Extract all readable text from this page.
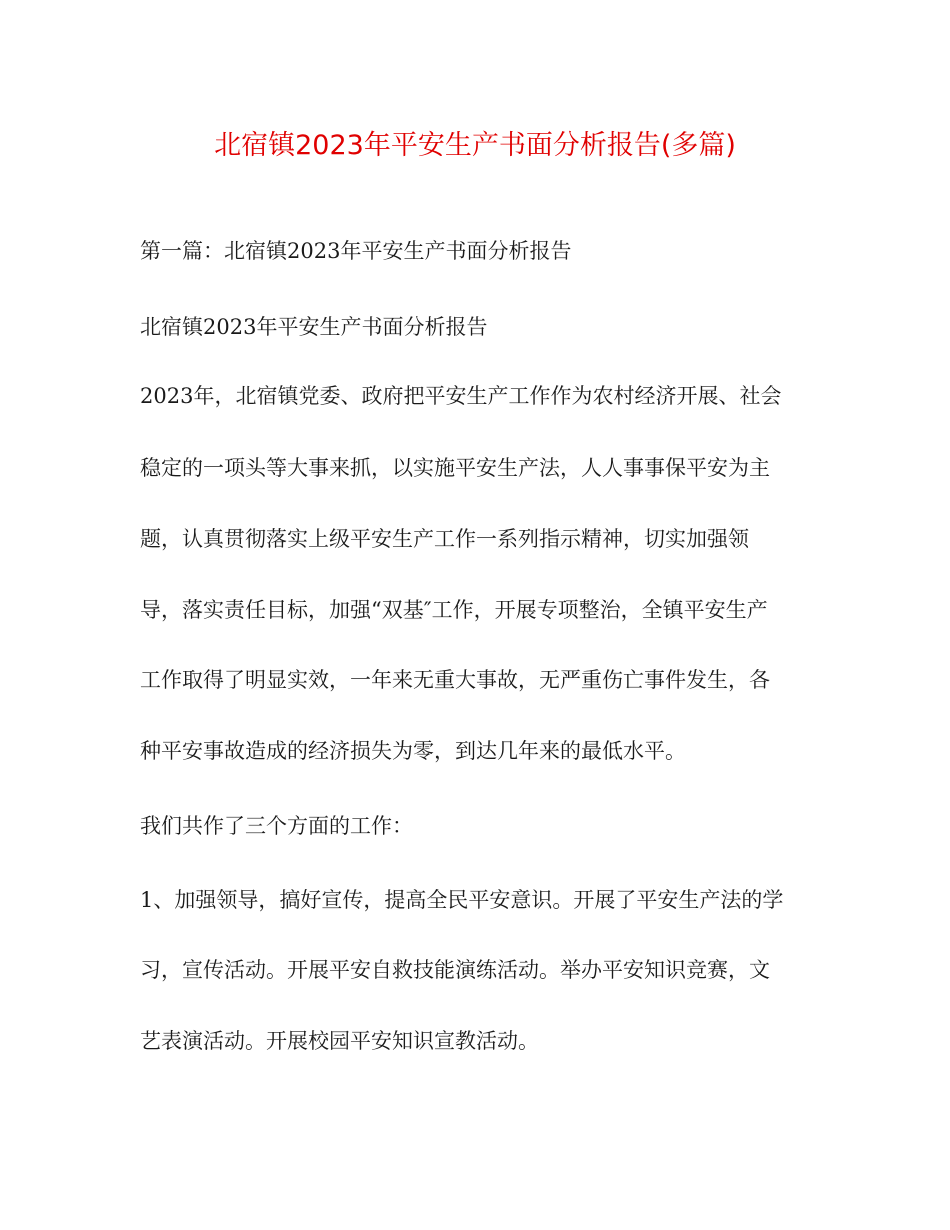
北宿镇2023年平安生产书面分析报告(多篇)

第一篇：北宿镇2023年平安生产书面分析报告

北宿镇2023年平安生产书面分析报告

2023年，北宿镇党委、政府把平安生产工作作为农村经济开展、社会

稳定的一项头等大事来抓，以实施平安生产法，人人事事保平安为主

题，认真贯彻落实上级平安生产工作一系列指示精神，切实加强领

导，落实责任目标，加强“双基″工作，开展专项整治，全镇平安生产

工作取得了明显实效，一年来无重大事故，无严重伤亡事件发生，各

种平安事故造成的经济损失为零，到达几年来的最低水平。

我们共作了三个方面的工作：

1、加强领导，搞好宣传，提高全民平安意识。开展了平安生产法的学

习，宣传活动。开展平安自救技能演练活动。举办平安知识竞赛，文

艺表演活动。开展校园平安知识宣教活动。
